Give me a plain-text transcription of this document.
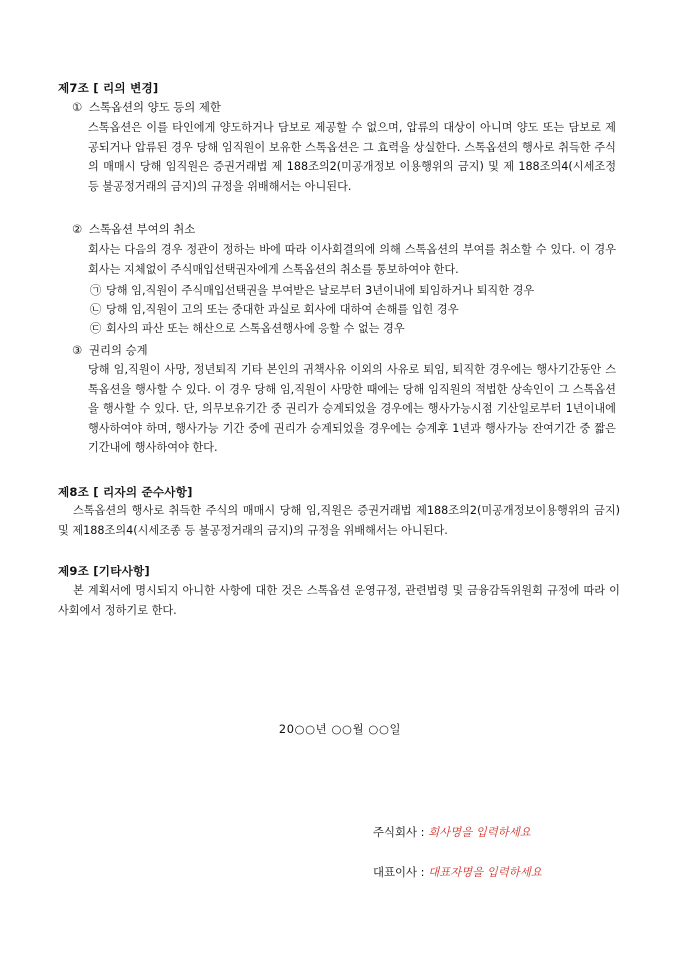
제7조 [ 리의 변경]
① 스톡옵션의 양도 등의 제한
스톡옵션은 이를 타인에게 양도하거나 담보로 제공할 수 없으며, 압류의 대상이 아니며 양도 또는 담보로 제공되거나 압류된 경우 당해 임직원이 보유한 스톡옵션은 그 효력을 상실한다. 스톡옵션의 행사로 취득한 주식의 매매시 당해 임직원은 증권거래법 제 188조의2(미공개정보 이용행위의 금지) 및 제 188조의4(시세조정 등 불공정거래의 금지)의 규정을 위배해서는 아니된다.
② 스톡옵션 부여의 취소
회사는 다음의 경우 정관이 정하는 바에 따라 이사회결의에 의해 스톡옵션의 부여를 취소할 수 있다. 이 경우 회사는 지체없이 주식매입선택권자에게 스톡옵션의 취소를 통보하여야 한다.
㉠ 당해 임,직원이 주식매입선택권을 부여받은 날로부터 3년이내에 퇴임하거나 퇴직한 경우
㉡ 당해 임,직원이 고의 또는 중대한 과실로 회사에 대하여 손해를 입힌 경우
㉢ 회사의 파산 또는 해산으로 스톡옵션행사에 응할 수 없는 경우
③ 권리의 승계
당해 임,직원이 사망, 정년퇴직 기타 본인의 귀책사유 이외의 사유로 퇴임, 퇴직한 경우에는 행사기간동안 스톡옵션을 행사할 수 있다. 이 경우 당해 임,직원이 사망한 때에는 당해 임직원의 적법한 상속인이 그 스톡옵션을 행사할 수 있다. 단, 의무보유기간 중 권리가 승계되었을 경우에는 행사가능시점 기산일로부터 1년이내에 행사하여야 하며, 행사가능 기간 중에 권리가 승계되었을 경우에는 승계후 1년과 행사가능 잔여기간 중 짧은 기간내에 행사하여야 한다.
제8조 [ 리자의 준수사항]
스톡옵션의 행사로 취득한 주식의 매매시 당해 임,직원은 증권거래법 제188조의2(미공개정보이용행위의 금지) 및 제188조의4(시세조종 등 불공정거래의 금지)의 규정을 위배해서는 아니된다.
제9조 [기타사항]
본 계획서에 명시되지 아니한 사항에 대한 것은 스톡옵션 운영규정, 관련법령 및 금융감독위원회 규정에 따라 이사회에서 정하기로 한다.
20○○년 ○○월 ○○일
주식회사 : 회사명을 입력하세요
대표이사 : 대표자명을 입력하세요
